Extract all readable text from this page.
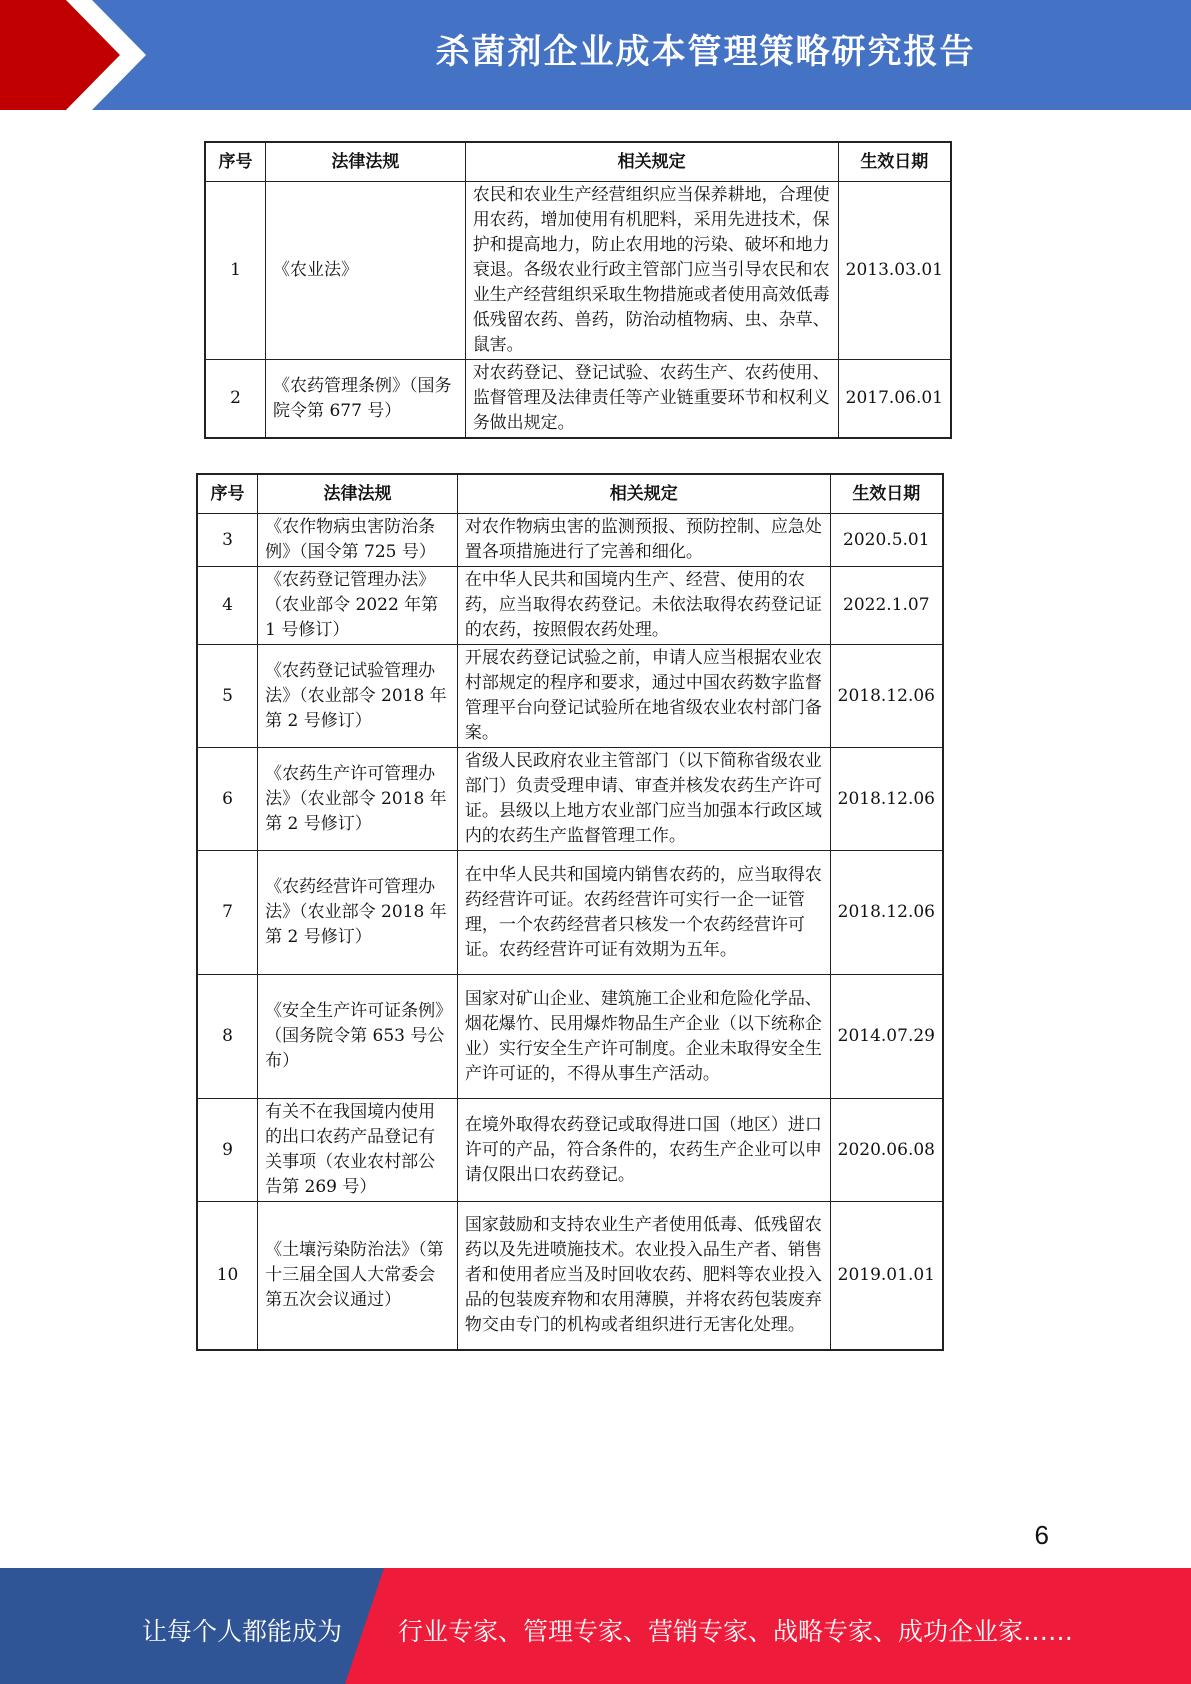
杀菌剂企业成本管理策略研究报告
序号	法律法规	相关规定	生效日期
1	《农业法》	农民和农业生产经营组织应当保养耕地，合理使用农药，增加使用有机肥料，采用先进技术，保护和提高地力，防止农用地的污染、破坏和地力衰退。各级农业行政主管部门应当引导农民和农业生产经营组织采取生物措施或者使用高效低毒低残留农药、兽药，防治动植物病、虫、杂草、鼠害。	2013.03.01
2	《农药管理条例》（国务院令第 677 号）	对农药登记、登记试验、农药生产、农药使用、监督管理及法律责任等产业链重要环节和权利义务做出规定。	2017.06.01
序号	法律法规	相关规定	生效日期
3	《农作物病虫害防治条例》（国令第 725 号）	对农作物病虫害的监测预报、预防控制、应急处置各项措施进行了完善和细化。	2020.5.01
4	《农药登记管理办法》（农业部令 2022 年第 1 号修订）	在中华人民共和国境内生产、经营、使用的农药，应当取得农药登记。未依法取得农药登记证的农药，按照假农药处理。	2022.1.07
5	《农药登记试验管理办法》（农业部令 2018 年第 2 号修订）	开展农药登记试验之前，申请人应当根据农业农村部规定的程序和要求，通过中国农药数字监督管理平台向登记试验所在地省级农业农村部门备案。	2018.12.06
6	《农药生产许可管理办法》（农业部令 2018 年第 2 号修订）	省级人民政府农业主管部门（以下简称省级农业部门）负责受理申请、审查并核发农药生产许可证。县级以上地方农业部门应当加强本行政区域内的农药生产监督管理工作。	2018.12.06
7	《农药经营许可管理办法》（农业部令 2018 年第 2 号修订）	在中华人民共和国境内销售农药的，应当取得农药经营许可证。农药经营许可实行一企一证管理，一个农药经营者只核发一个农药经营许可证。农药经营许可证有效期为五年。	2018.12.06
8	《安全生产许可证条例》（国务院令第 653 号公布）	国家对矿山企业、建筑施工企业和危险化学品、烟花爆竹、民用爆炸物品生产企业（以下统称企业）实行安全生产许可制度。企业未取得安全生产许可证的，不得从事生产活动。	2014.07.29
9	有关不在我国境内使用的出口农药产品登记有关事项（农业农村部公告第 269 号）	在境外取得农药登记或取得进口国（地区）进口许可的产品，符合条件的，农药生产企业可以申请仅限出口农药登记。	2020.06.08
10	《土壤污染防治法》（第十三届全国人大常委会第五次会议通过）	国家鼓励和支持农业生产者使用低毒、低残留农药以及先进喷施技术。农业投入品生产者、销售者和使用者应当及时回收农药、肥料等农业投入品的包装废弃物和农用薄膜，并将农药包装废弃物交由专门的机构或者组织进行无害化处理。	2019.01.01
6
让每个人都能成为 行业专家、管理专家、营销专家、战略专家、成功企业家……
